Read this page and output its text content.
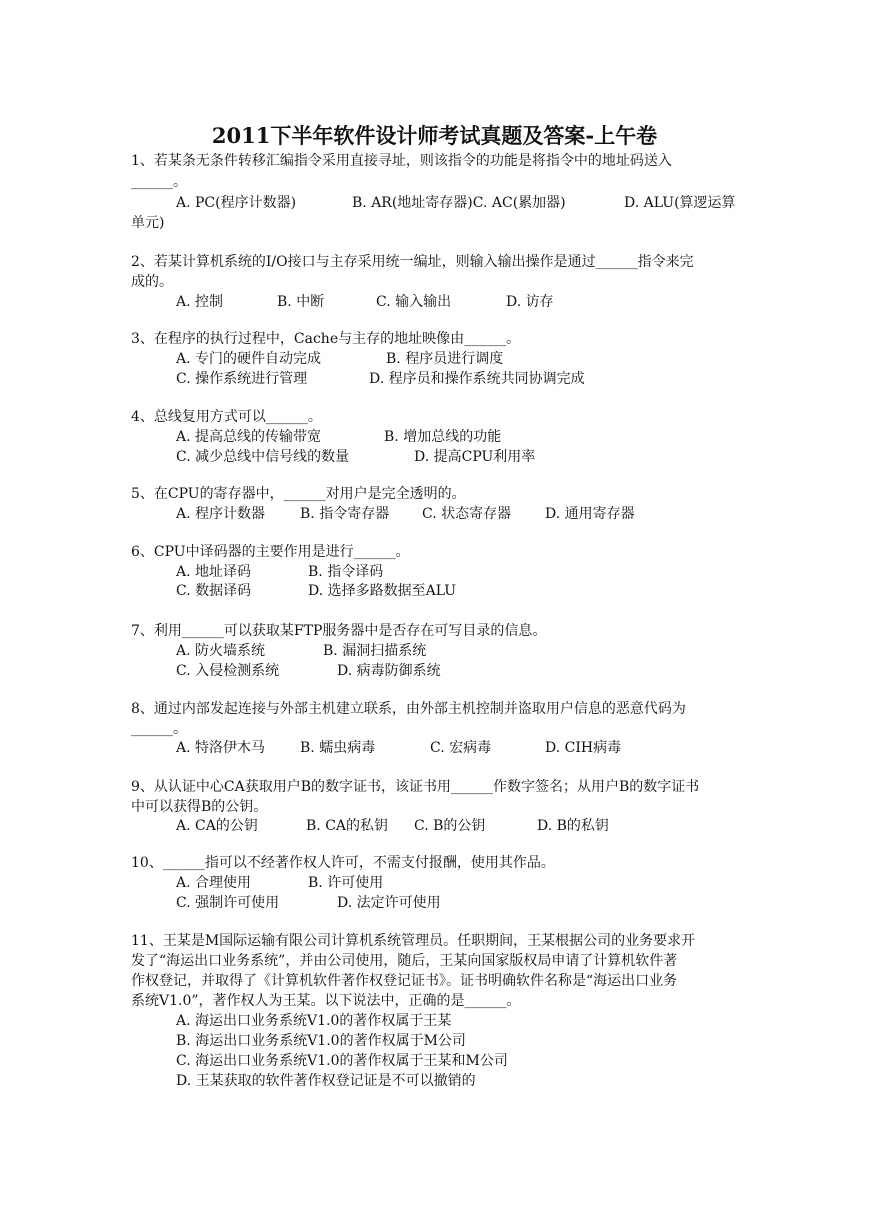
2011下半年软件设计师考试真题及答案-上午卷
1、若某条无条件转移汇编指令采用直接寻址，则该指令的功能是将指令中的地址码送入
______。
A. PC(程序计数器)	B. AR(地址寄存器)C. AC(累加器)	D. ALU(算逻运算
单元)
2、若某计算机系统的I/O接口与主存采用统一编址，则输入输出操作是通过______指令来完
成的。
A. 控制	B. 中断	C. 输入输出	D. 访存
3、在程序的执行过程中，Cache与主存的地址映像由______。
A. 专门的硬件自动完成	B. 程序员进行调度
C. 操作系统进行管理	D. 程序员和操作系统共同协调完成
4、总线复用方式可以______。
A. 提高总线的传输带宽	B. 增加总线的功能
C. 减少总线中信号线的数量	D. 提高CPU利用率
5、在CPU的寄存器中，______对用户是完全透明的。
A. 程序计数器 B. 指令寄存器 C. 状态寄存器 D. 通用寄存器
6、CPU中译码器的主要作用是进行______。
A. 地址译码	B. 指令译码
C. 数据译码	D. 选择多路数据至ALU
7、利用______可以获取某FTP服务器中是否存在可写目录的信息。
A. 防火墙系统	B. 漏洞扫描系统
C. 入侵检测系统	D. 病毒防御系统
8、通过内部发起连接与外部主机建立联系，由外部主机控制并盗取用户信息的恶意代码为
______。
A. 特洛伊木马 B. 蠕虫病毒	C. 宏病毒	D. CIH病毒
9、从认证中心CA获取用户B的数字证书，该证书用______作数字签名；从用户B的数字证书
中可以获得B的公钥。
A. CA的公钥	B. CA的私钥 C. B的公钥	D. B的私钥
10、______指可以不经著作权人许可，不需支付报酬，使用其作品。
A. 合理使用	B. 许可使用
C. 强制许可使用	D. 法定许可使用
11、王某是M国际运输有限公司计算机系统管理员。任职期间，王某根据公司的业务要求开
发了“海运出口业务系统”，并由公司使用，随后，王某向国家版权局申请了计算机软件著
作权登记，并取得了《计算机软件著作权登记证书》。证书明确软件名称是“海运出口业务
系统V1.0”，著作权人为王某。以下说法中，正确的是______。
A. 海运出口业务系统V1.0的著作权属于王某
B. 海运出口业务系统V1.0的著作权属于M公司
C. 海运出口业务系统V1.0的著作权属于王某和M公司
D. 王某获取的软件著作权登记证是不可以撤销的
